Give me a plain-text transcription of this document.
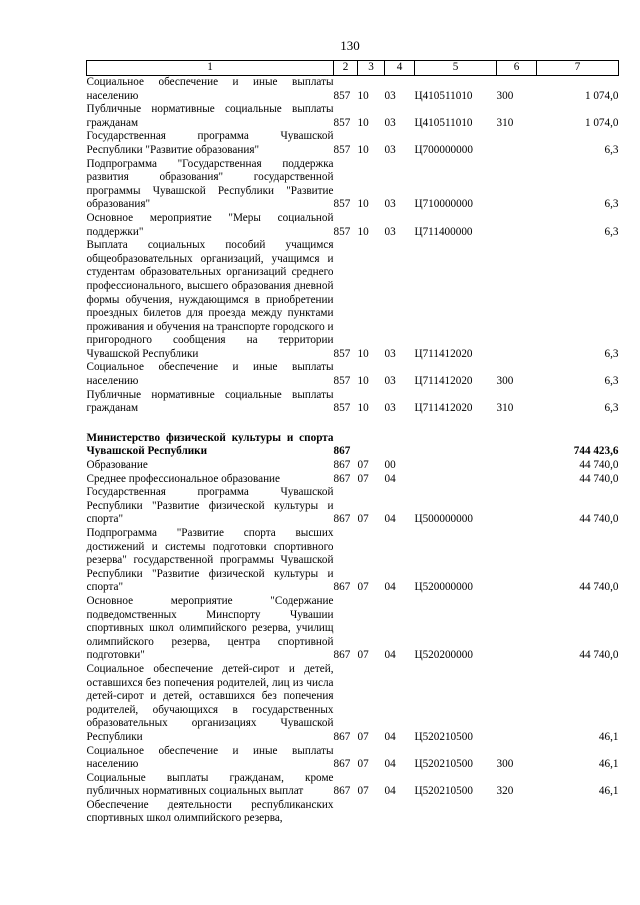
130
1	2	3	4	5	6	7
Социальное обеспечение и иные выплаты населению	857	10	03	Ц410511010	300	1 074,0
Публичные нормативные социальные выплаты гражданам	857	10	03	Ц410511010	310	1 074,0
Государственная программа Чувашской Республики "Развитие образования"	857	10	03	Ц700000000		6,3
Подпрограмма "Государственная поддержка развития образования" государственной программы Чувашской Республики "Развитие образования"	857	10	03	Ц710000000		6,3
Основное мероприятие "Меры социальной поддержки"	857	10	03	Ц711400000		6,3
Выплата социальных пособий учащимся общеобразовательных организаций, учащимся и студентам образовательных организаций среднего профессионального, высшего образования дневной формы обучения, нуждающимся в приобретении проездных билетов для проезда между пунктами проживания и обучения на транспорте городского и пригородного сообщения на территории Чувашской Республики	857	10	03	Ц711412020		6,3
Социальное обеспечение и иные выплаты населению	857	10	03	Ц711412020	300	6,3
Публичные нормативные социальные выплаты гражданам	857	10	03	Ц711412020	310	6,3

Министерство физической культуры и спорта Чувашской Республики	867					744 423,6
Образование	867	07	00			44 740,0
Среднее профессиональное образование	867	07	04			44 740,0
Государственная программа Чувашской Республики "Развитие физической культуры и спорта"	867	07	04	Ц500000000		44 740,0
Подпрограмма "Развитие спорта высших достижений и системы подготовки спортивного резерва" государственной программы Чувашской Республики "Развитие физической культуры и спорта"	867	07	04	Ц520000000		44 740,0
Основное мероприятие "Содержание подведомственных Минспорту Чувашии спортивных школ олимпийского резерва, училищ олимпийского резерва, центра спортивной подготовки"	867	07	04	Ц520200000		44 740,0
Социальное обеспечение детей-сирот и детей, оставшихся без попечения родителей, лиц из числа детей-сирот и детей, оставшихся без попечения родителей, обучающихся в государственных образовательных организациях Чувашской Республики	867	07	04	Ц520210500		46,1
Социальное обеспечение и иные выплаты населению	867	07	04	Ц520210500	300	46,1
Социальные выплаты гражданам, кроме публичных нормативных социальных выплат	867	07	04	Ц520210500	320	46,1
Обеспечение деятельности республиканских спортивных школ олимпийского резерва,						
